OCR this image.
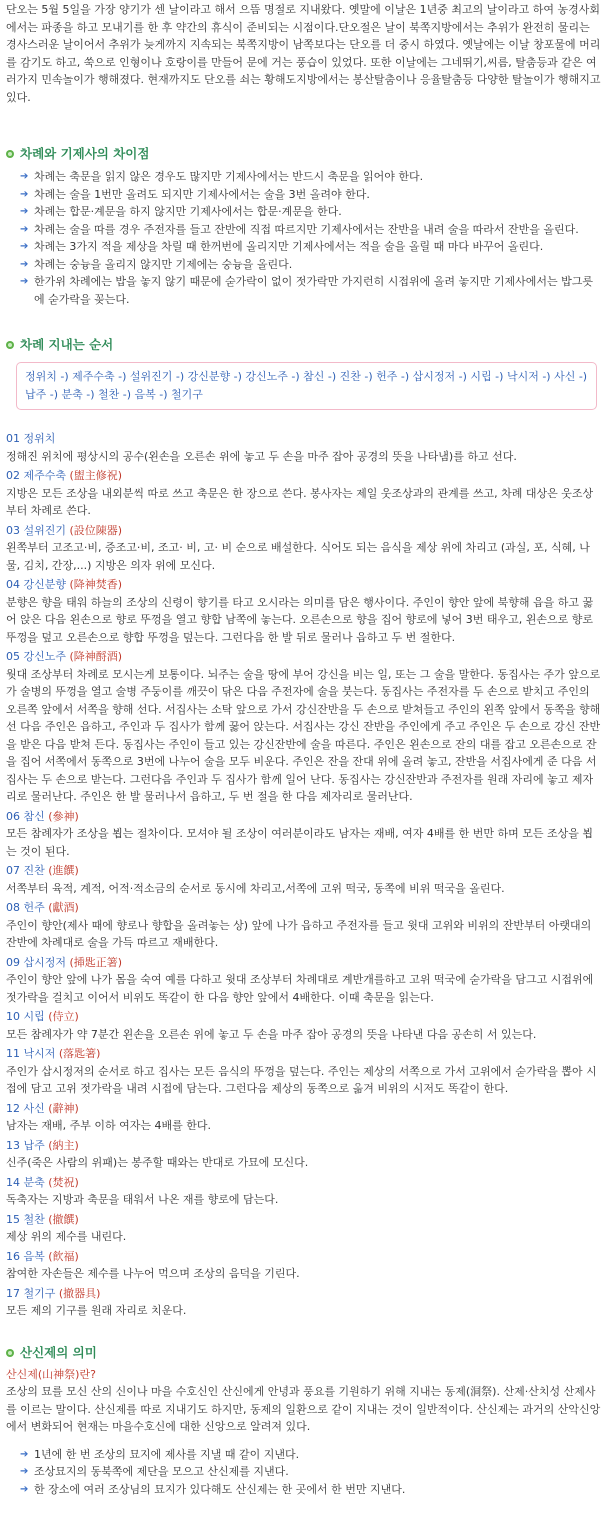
단오는 5월 5일을 가장 양기가 센 날이라고 해서 으뜸 명절로 지내왔다. 옛말에 이날은 1년중 최고의 날이라고 하여 농경사회에서는 파종을 하고 모내기를 한 후 약간의 휴식이 준비되는 시점이다.단오절은 날이 북쪽지방에서는 추위가 완전히 물리는 경사스러운 날이어서 추위가 늦게까지 지속되는 북쪽지방이 남쪽보다는 단오를 더 중시 하였다. 옛날에는 이날 창포물에 머리를 감기도 하고, 쑥으로 인형이나 호랑이를 만들어 문에 거는 풍습이 있었다. 또한 이날에는 그네뛰기,씨름, 탈춤등과 같은 여러가지 민속놀이가 행해졌다. 현재까지도 단오를 쇠는 황해도지방에서는 봉산탈춤이나 응율탈춤등 다양한 탈놀이가 행해지고있다.

차례와 기제사의 차이점
➔ 차례는 축문을 읽지 않은 경우도 많지만 기제사에서는 반드시 축문을 읽어야 한다.
➔ 차례는 술을 1번만 올려도 되지만 기제사에서는 술을 3번 올려야 한다.
➔ 차례는 합문·계문을 하지 않지만 기제사에서는 합문·계문을 한다.
➔ 차례는 술을 따를 경우 주전자를 들고 잔반에 직접 따르지만 기제사에서는 잔반을 내려 술을 따라서 잔반을 올린다.
➔ 차례는 3가지 적을 제상을 차릴 때 한꺼번에 올리지만 기제사에서는 적을 술을 올릴 때 마다 바꾸어 올린다.
➔ 차례는 숭늉을 올리지 않지만 기제에는 숭늉을 올린다.
➔ 한가위 차례에는 밥을 놓지 않기 때문에 숟가락이 없이 젓가락만 가지런히 시접위에 올려 놓지만 기제사에서는 밥그릇에 숟가락을 꽂는다.
차례 지내는 순서
정위치 -) 제주수축 -) 설위진기 -) 강신분향 -) 강신노주 -) 참신 -) 진찬 -) 헌주 -) 삽시정저 -) 시립 -) 낙시저 -) 사신 -) 납주 -) 분축 -) 철찬 -) 음복 -) 철기구
01 정위치
정해진 위치에 평상시의 공수(왼손을 오른손 위에 놓고 두 손을 마주 잡아 공경의 뜻을 나타냄)를 하고 선다.
02 제주수축 (盥主修祝)
지방은 모든 조상을 내외분씩 따로 쓰고 축문은 한 장으로 쓴다. 봉사자는 제일 웃조상과의 관계를 쓰고, 차례 대상은 웃조상부터 차례로 쓴다.
03 설위진기 (設位陳器)
왼쪽부터 고조고·비, 증조고·비, 조고· 비, 고· 비 순으로 배설한다. 식어도 되는 음식을 제상 위에 차리고 (과실, 포, 식혜, 나물, 김치, 간장,...) 지방은 의자 위에 모신다.
04 강신분향 (降神焚香)
분향은 향을 태워 하늘의 조상의 신령이 향기를 타고 오시라는 의미를 담은 행사이다. 주인이 향안 앞에 북향해 읍을 하고 꿇어 앉은 다음 왼손으로 향로 뚜껑을 열고 향합 남쪽에 놓는다. 오른손으로 향을 집어 향로에 넣어 3번 태우고, 왼손으로 향로 뚜껑을 덮고 오른손으로 향합 뚜껑을 덮는다. 그런다음 한 발 뒤로 물러나 읍하고 두 번 절한다.
05 강신노주 (降神酹酒)
웟대 조상부터 차례로 모시는게 보통이다. 뇌주는 술을 땅에 부어 강신을 비는 일, 또는 그 술을 말한다. 동집사는 주가 앞으로가 술병의 뚜껑을 열고 술병 주둥이를 깨끗이 닦은 다음 주전자에 술을 붓는다. 동집사는 주전자를 두 손으로 받치고 주인의 오른쪽 앞에서 서쪽을 향해 선다. 서집사는 소탁 앞으로 가서 강신잔반을 두 손으로 받쳐들고 주인의 왼쪽 앞에서 동쪽을 향해 선 다음 주인은 읍하고, 주인과 두 집사가 함께 꿇어 앉는다. 서집사는 강신 잔반을 주인에게 주고 주인은 두 손으로 강신 잔반을 받은 다음 받쳐 든다. 동집사는 주인이 들고 있는 강신잔반에 술을 따른다. 주인은 왼손으로 잔의 대를 잡고 오른손으로 잔을 집어 서쪽에서 동쪽으로 3번에 나누어 술을 모두 비운다. 주인은 잔을 잔대 위에 올려 놓고, 잔반을 서집사에게 준 다음 서집사는 두 손으로 받는다. 그런다음 주인과 두 집사가 함께 일어 난다. 동집사는 강신잔반과 주전자를 원래 자리에 놓고 제자리로 물러난다. 주인은 한 발 물러나서 읍하고, 두 번 절을 한 다음 제자리로 물러난다.
06 참신 (參神)
모든 참례자가 조상을 뵙는 절차이다. 모셔야 될 조상이 여러분이라도 남자는 재배, 여자 4배를 한 번만 하며 모든 조상을 뵙는 것이 된다.
07 진찬 (進饌)
서쪽부터 육적, 계적, 어적·적소금의 순서로 동시에 차리고,서쪽에 고위 떡국, 동쪽에 비위 떡국을 올린다.
08 헌주 (獻酒)
주인이 향안(제사 때에 향로나 향합을 올려놓는 상) 앞에 나가 읍하고 주전자를 들고 윗대 고위와 비위의 잔반부터 아랫대의 잔반에 차례대로 술을 가득 따르고 재배한다.
09 삽시정저 (揷匙正箸)
주인이 향안 앞에 나가 몸을 숙여 예를 다하고 윗대 조상부터 차례대로 계반개를하고 고위 떡국에 숟가락을 담그고 시접위에 젓가락을 걸치고 이어서 비위도 똑같이 한 다음 향안 앞에서 4배한다. 이때 축문을 읽는다.
10 시립 (侍立)
모든 참례자가 약 7분간 왼손을 오른손 위에 놓고 두 손을 마주 잡아 공경의 뜻을 나타낸 다음 공손히 서 있는다.
11 낙시저 (落匙箸)
주인가 삽시정저의 순서로 하고 집사는 모든 음식의 뚜껑을 덮는다. 주인는 제상의 서쪽으로 가서 고위에서 숟가락을 뽑아 시접에 담고 고위 젓가락을 내려 시접에 담는다. 그런다음 제상의 동쪽으로 옮겨 비위의 시저도 똑같이 한다.
12 사신 (辭神)
남자는 재배, 주부 이하 여자는 4배를 한다.
13 납주 (納主)
신주(죽은 사람의 위패)는 봉주할 때와는 반대로 가묘에 모신다.
14 분축 (焚祝)
독축자는 지방과 축문을 태워서 나온 재를 향로에 담는다.
15 철찬 (撤饌)
제상 위의 제수를 내린다.
16 음복 (飮福)
참여한 자손들은 제수를 나누어 먹으며 조상의 음덕을 기린다.
17 철기구 (撤器具)
모든 제의 기구를 원래 자리로 치운다.
산신제의 의미
산신제(山神祭)란?
조상의 묘를 모신 산의 신이나 마을 수호신인 산신에게 안녕과 풍요를 기원하기 위해 지내는 동제(洞祭). 산제·산치성 산제사를 이르는 말이다. 산신제를 따로 지내기도 하지만, 동제의 일환으로 같이 지내는 것이 일반적이다. 산신제는 과거의 산악신앙에서 변화되어 현재는 마을수호신에 대한 신앙으로 알려져 있다.
➔ 1년에 한 번 조상의 묘지에 제사를 지낼 때 같이 지낸다.
➔ 조상묘지의 동북쪽에 제단을 모으고 산신제를 지낸다.
➔ 한 장소에 여러 조상님의 묘지가 있다해도 산신제는 한 곳에서 한 번만 지낸다.
